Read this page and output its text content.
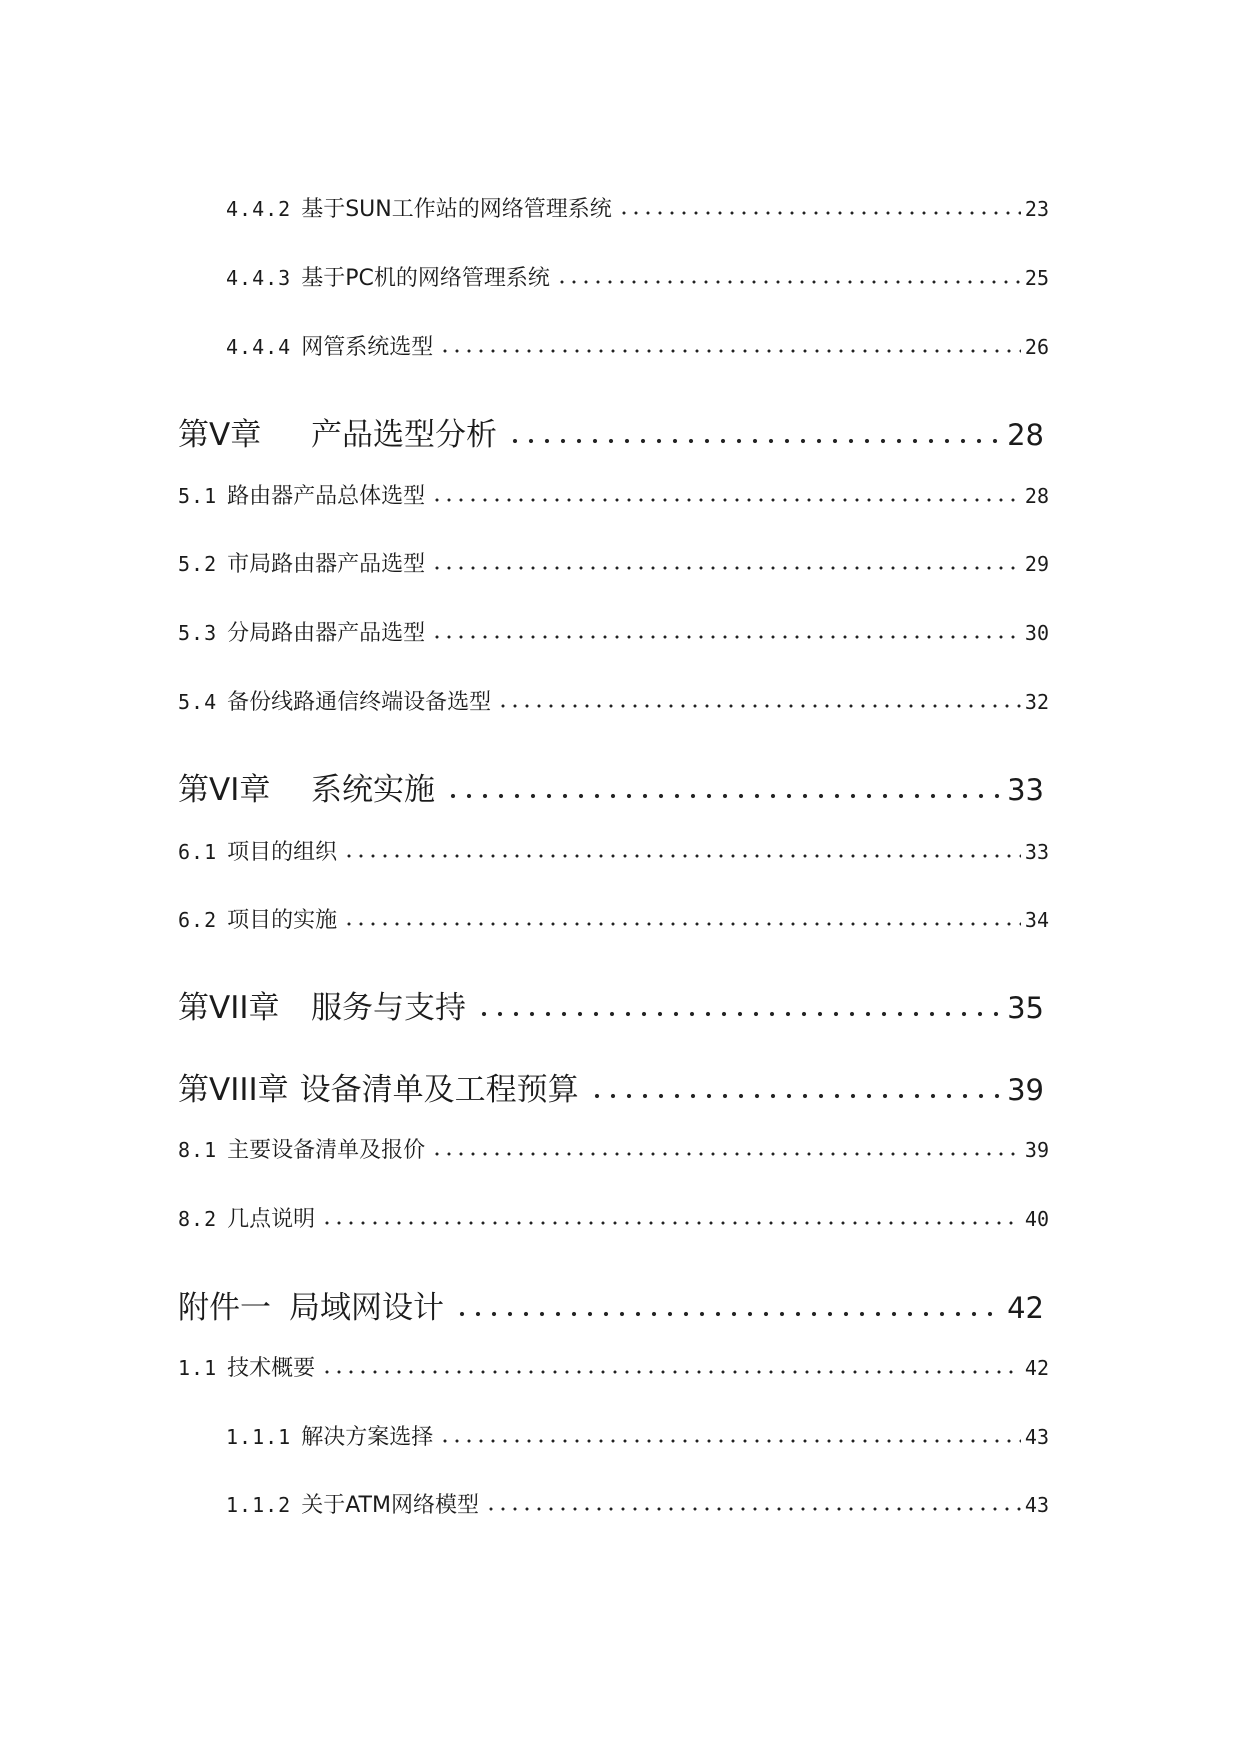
4.4.2 基于SUN工作站的网络管理系统	23
4.4.3 基于PC机的网络管理系统	25
4.4.4 网管系统选型	26
第V章	产品选型分析	28
5.1 路由器产品总体选型	28
5.2 市局路由器产品选型	29
5.3 分局路由器产品选型	30
5.4 备份线路通信终端设备选型	32
第VI章	系统实施	33
6.1 项目的组织	33
6.2 项目的实施	34
第VII章	服务与支持	35
第VIII章 设备清单及工程预算	39
8.1 主要设备清单及报价	39
8.2 几点说明	40
附件一 局域网设计	42
1.1 技术概要	42
1.1.1 解决方案选择	43
1.1.2 关于ATM网络模型	43
